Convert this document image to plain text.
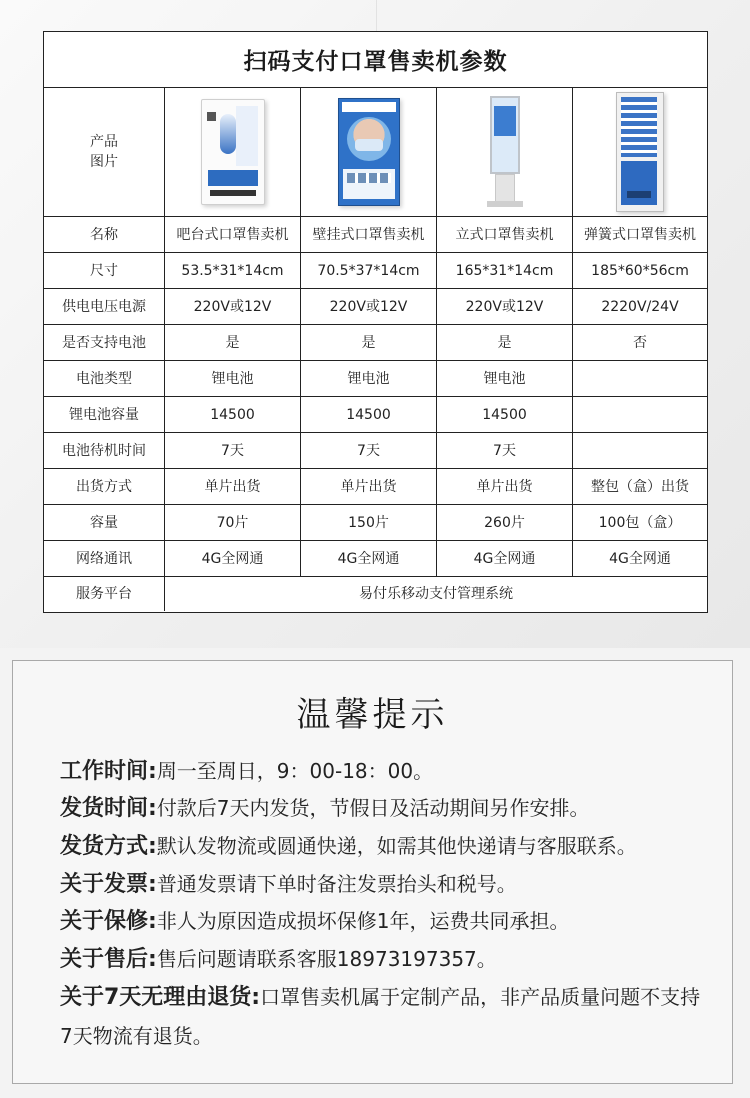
扫码支付口罩售卖机参数
产品
图片
名称	吧台式口罩售卖机	壁挂式口罩售卖机	立式口罩售卖机	弹簧式口罩售卖机
尺寸	53.5*31*14cm	70.5*37*14cm	165*31*14cm	185*60*56cm
供电电压电源	220V或12V	220V或12V	220V或12V	2220V/24V
是否支持电池	是	是	是	否
电池类型	锂电池	锂电池	锂电池
锂电池容量	14500	14500	14500
电池待机时间	7天	7天	7天
出货方式	单片出货	单片出货	单片出货	整包（盒）出货
容量	70片	150片	260片	100包（盒）
网络通讯	4G全网通	4G全网通	4G全网通	4G全网通
服务平台	易付乐移动支付管理系统
温馨提示
工作时间:周一至周日，9：00-18：00。
发货时间:付款后7天内发货，节假日及活动期间另作安排。
发货方式:默认发物流或圆通快递，如需其他快递请与客服联系。
关于发票:普通发票请下单时备注发票抬头和税号。
关于保修:非人为原因造成损坏保修1年，运费共同承担。
关于售后:售后问题请联系客服18973197357。
关于7天无理由退货:口罩售卖机属于定制产品，非产品质量问题不支持7天物流有退货。
